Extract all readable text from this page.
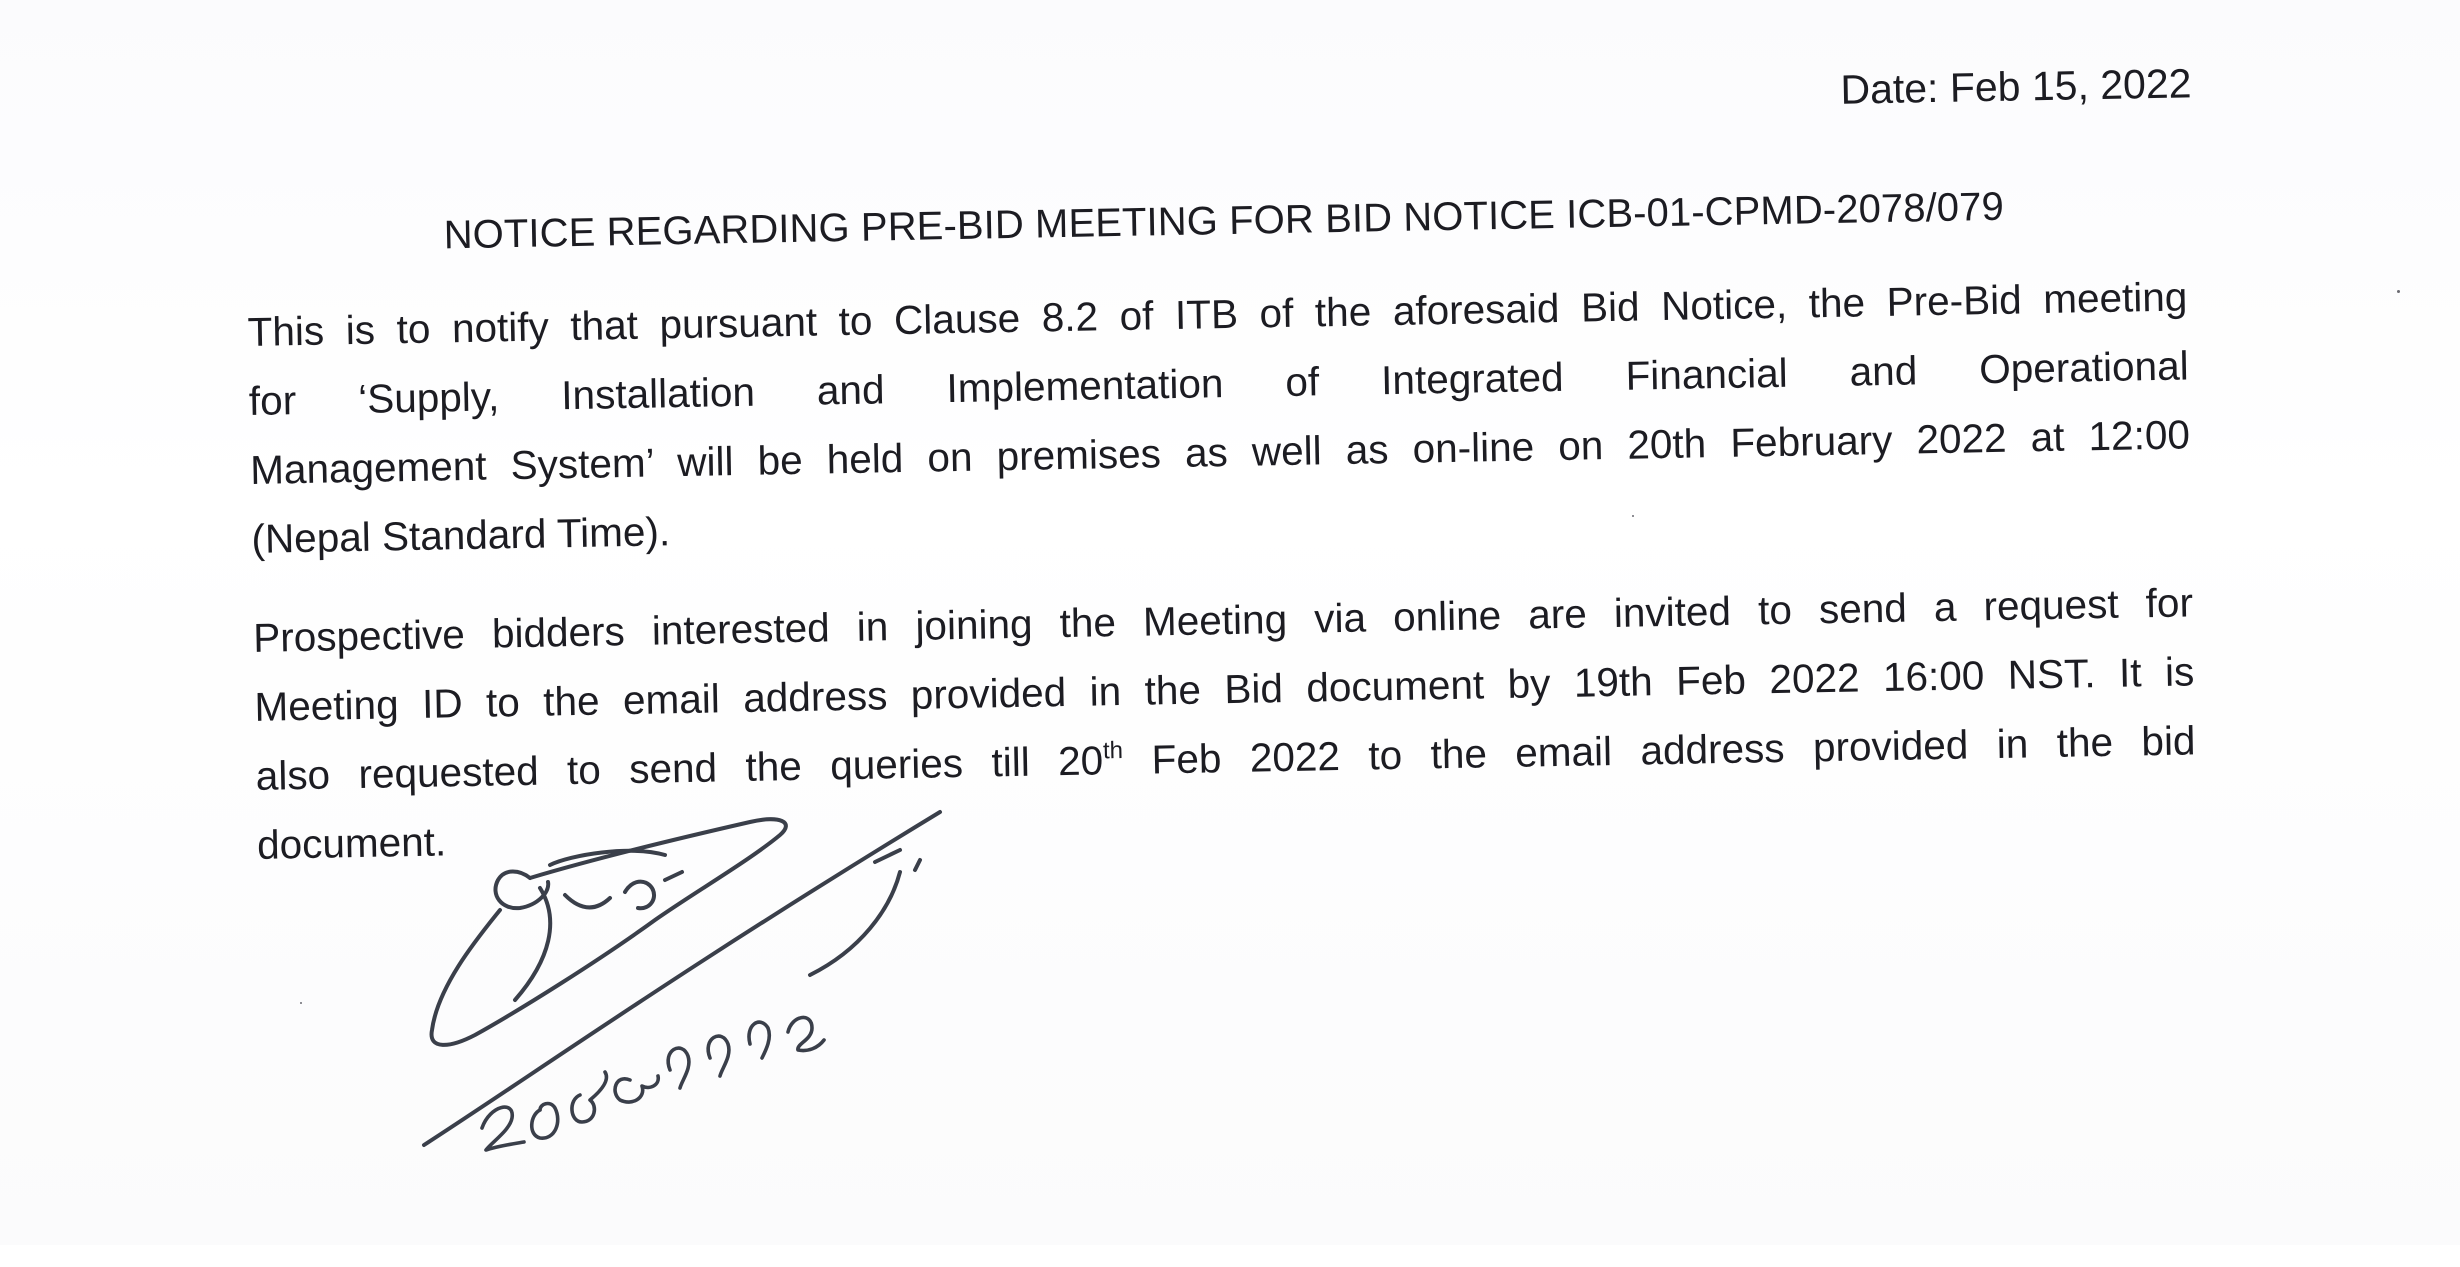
Date: Feb 15, 2022
NOTICE REGARDING PRE-BID MEETING FOR BID NOTICE ICB-01-CPMD-2078/079

This is to notify that pursuant to Clause 8.2 of ITB of the aforesaid Bid Notice, the Pre-Bid meeting
for ‘Supply, Installation and Implementation of Integrated Financial and Operational
Management System’ will be held on premises as well as on-line on 20th February 2022 at 12:00
(Nepal Standard Time).

Prospective bidders interested in joining the Meeting via online are invited to send a request for
Meeting ID to the email address provided in the Bid document by 19th Feb 2022 16:00 NST. It is
also requested to send the queries till 20th Feb 2022 to the email address provided in the bid
document.
